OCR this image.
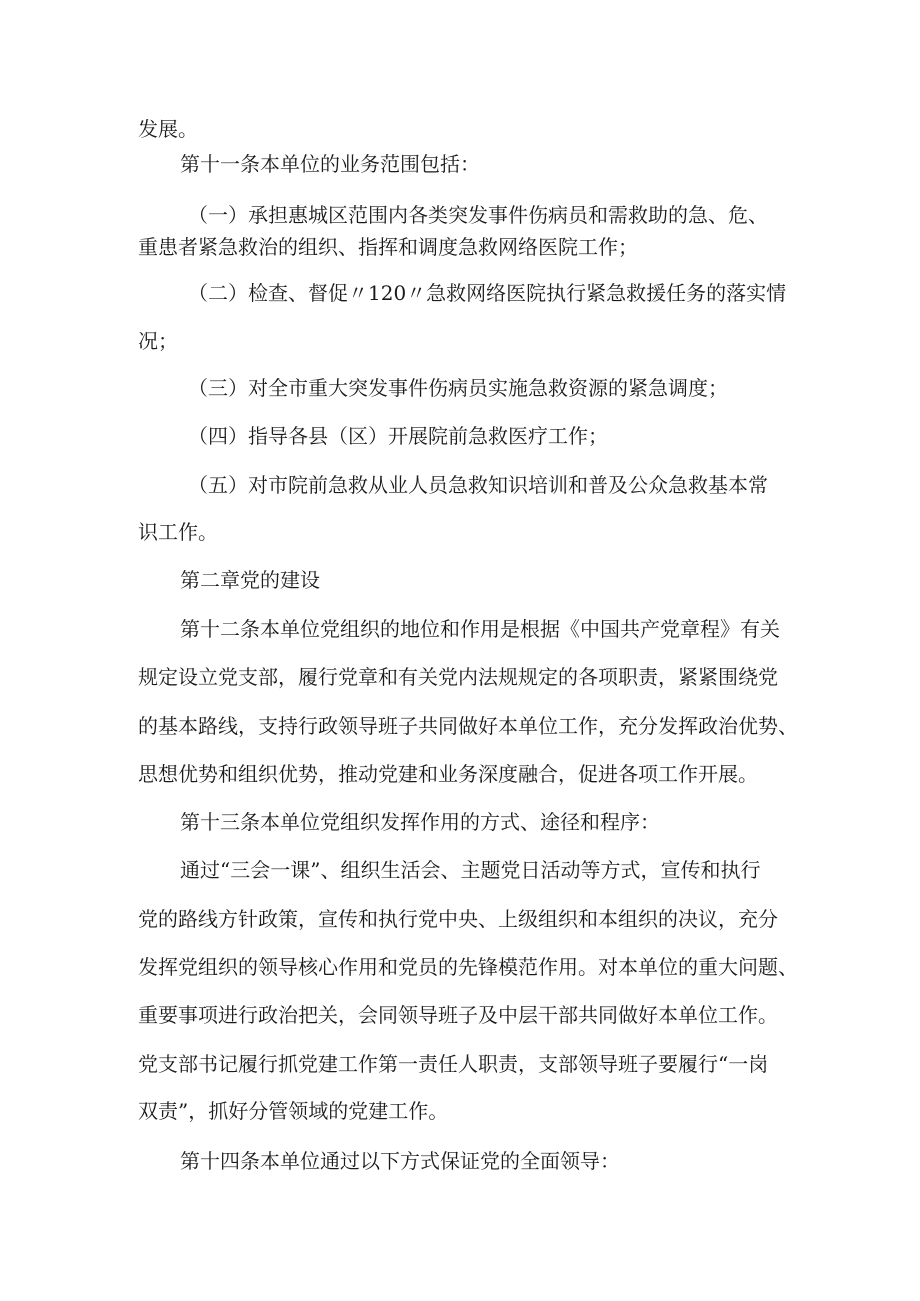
发展。
第十一条本单位的业务范围包括：
（一）承担惠城区范围内各类突发事件伤病员和需救助的急、危、
重患者紧急救治的组织、指挥和调度急救网络医院工作；
（二）检查、督促〃120〃急救网络医院执行紧急救援任务的落实情
况；
（三）对全市重大突发事件伤病员实施急救资源的紧急调度；
（四）指导各县（区）开展院前急救医疗工作；
（五）对市院前急救从业人员急救知识培训和普及公众急救基本常
识工作。
第二章党的建设
第十二条本单位党组织的地位和作用是根据《中国共产党章程》有关
规定设立党支部，履行党章和有关党内法规规定的各项职责，紧紧围绕党
的基本路线，支持行政领导班子共同做好本单位工作，充分发挥政治优势、
思想优势和组织优势，推动党建和业务深度融合，促进各项工作开展。
第十三条本单位党组织发挥作用的方式、途径和程序：
通过“三会一课”、组织生活会、主题党日活动等方式，宣传和执行
党的路线方针政策，宣传和执行党中央、上级组织和本组织的决议，充分
发挥党组织的领导核心作用和党员的先锋模范作用。对本单位的重大问题、
重要事项进行政治把关，会同领导班子及中层干部共同做好本单位工作。
党支部书记履行抓党建工作第一责任人职责，支部领导班子要履行“一岗
双责”，抓好分管领域的党建工作。
第十四条本单位通过以下方式保证党的全面领导：
